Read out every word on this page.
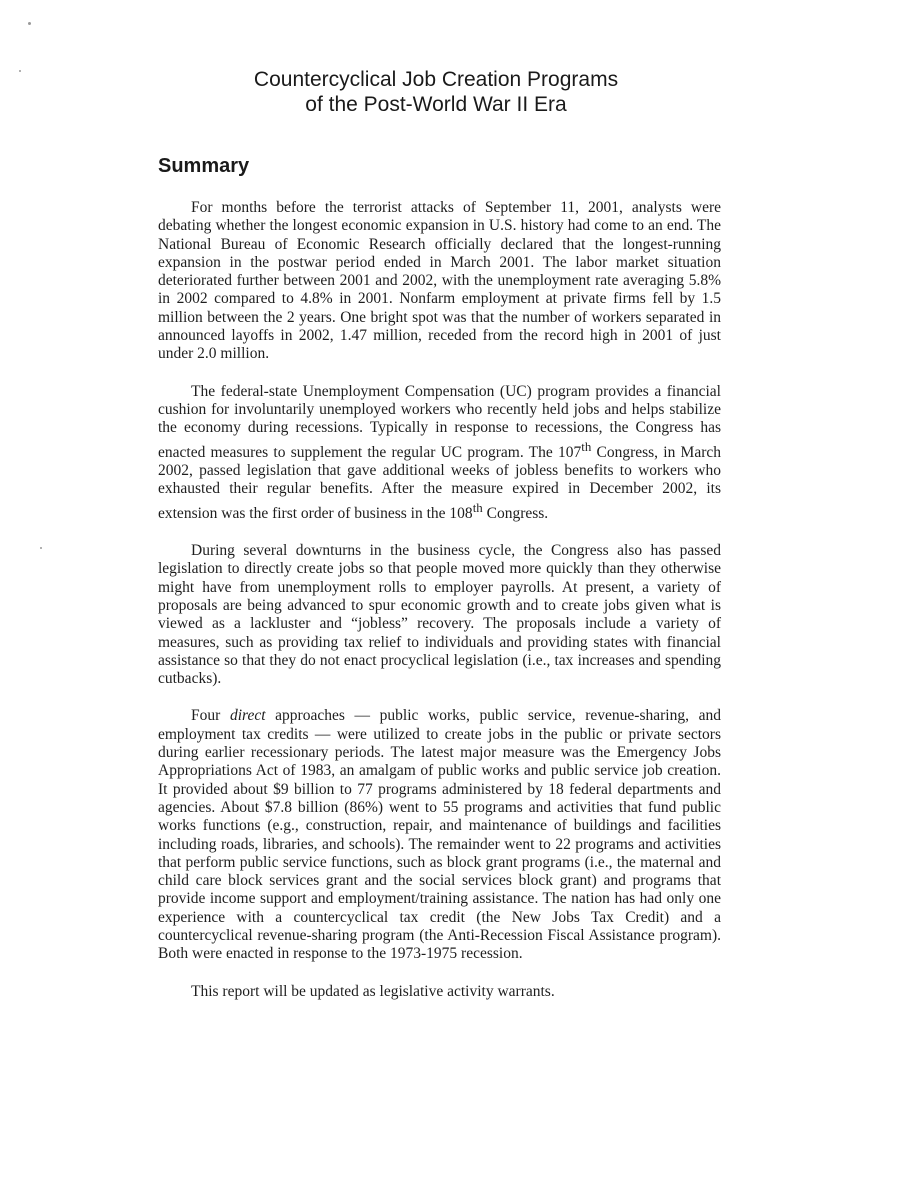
Countercyclical Job Creation Programs
of the Post-World War II Era
Summary

For months before the terrorist attacks of September 11, 2001, analysts were debating whether the longest economic expansion in U.S. history had come to an end. The National Bureau of Economic Research officially declared that the longest-running expansion in the postwar period ended in March 2001. The labor market situation deteriorated further between 2001 and 2002, with the unemployment rate averaging 5.8% in 2002 compared to 4.8% in 2001. Nonfarm employment at private firms fell by 1.5 million between the 2 years. One bright spot was that the number of workers separated in announced layoffs in 2002, 1.47 million, receded from the record high in 2001 of just under 2.0 million.

The federal-state Unemployment Compensation (UC) program provides a financial cushion for involuntarily unemployed workers who recently held jobs and helps stabilize the economy during recessions. Typically in response to recessions, the Congress has enacted measures to supplement the regular UC program. The 107th Congress, in March 2002, passed legislation that gave additional weeks of jobless benefits to workers who exhausted their regular benefits. After the measure expired in December 2002, its extension was the first order of business in the 108th Congress.

During several downturns in the business cycle, the Congress also has passed legislation to directly create jobs so that people moved more quickly than they otherwise might have from unemployment rolls to employer payrolls. At present, a variety of proposals are being advanced to spur economic growth and to create jobs given what is viewed as a lackluster and “jobless” recovery. The proposals include a variety of measures, such as providing tax relief to individuals and providing states with financial assistance so that they do not enact procyclical legislation (i.e., tax increases and spending cutbacks).

Four direct approaches — public works, public service, revenue-sharing, and employment tax credits — were utilized to create jobs in the public or private sectors during earlier recessionary periods. The latest major measure was the Emergency Jobs Appropriations Act of 1983, an amalgam of public works and public service job creation. It provided about $9 billion to 77 programs administered by 18 federal departments and agencies. About $7.8 billion (86%) went to 55 programs and activities that fund public works functions (e.g., construction, repair, and maintenance of buildings and facilities including roads, libraries, and schools). The remainder went to 22 programs and activities that perform public service functions, such as block grant programs (i.e., the maternal and child care block services grant and the social services block grant) and programs that provide income support and employment/training assistance. The nation has had only one experience with a countercyclical tax credit (the New Jobs Tax Credit) and a countercyclical revenue-sharing program (the Anti-Recession Fiscal Assistance program). Both were enacted in response to the 1973-1975 recession.

This report will be updated as legislative activity warrants.
